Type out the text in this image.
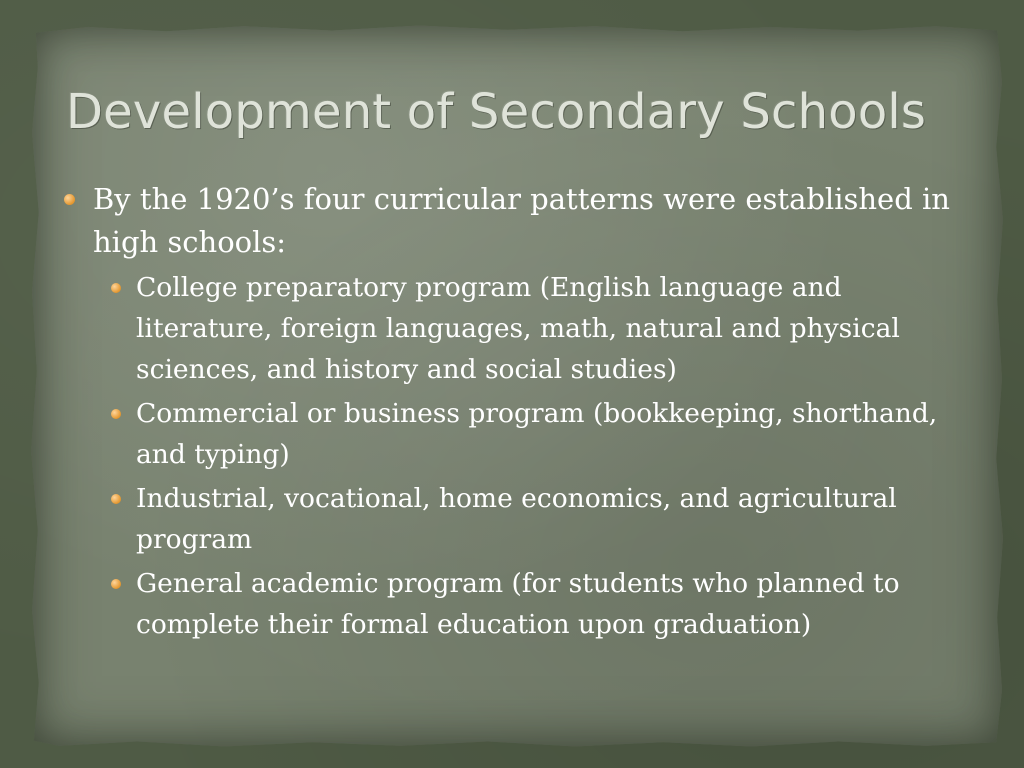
Development of Secondary Schools
By the 1920’s four curricular patterns were established in high schools:
College preparatory program (English language and literature, foreign languages, math, natural and physical sciences, and history and social studies)
Commercial or business program (bookkeeping, shorthand, and typing)
Industrial, vocational, home economics, and agricultural program
General academic program (for students who planned to complete their formal education upon graduation)
